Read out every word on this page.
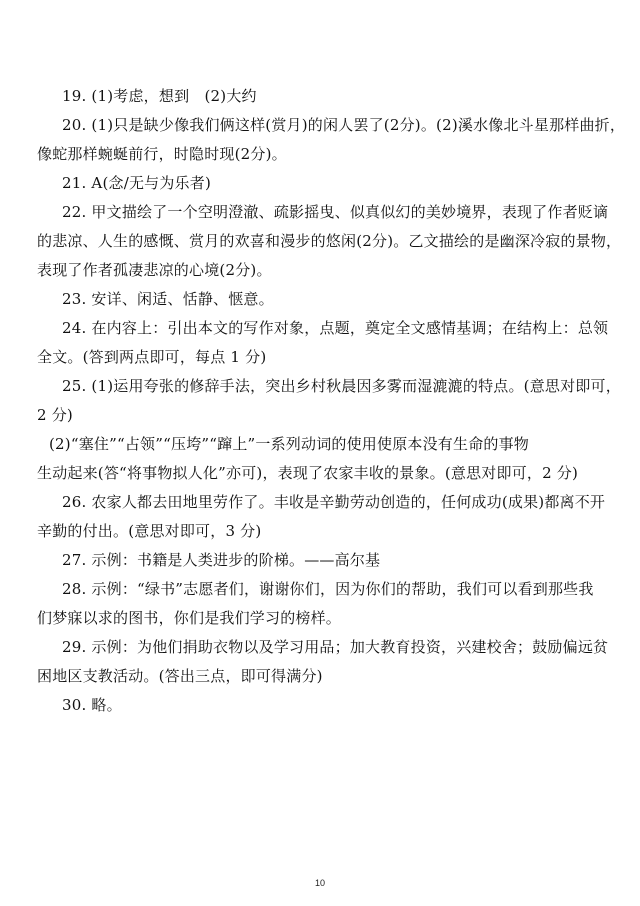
19. (1)考虑，想到　(2)大约
20. (1)只是缺少像我们俩这样(赏月)的闲人罢了(2分)。(2)溪水像北斗星那样曲折，
像蛇那样蜿蜒前行，时隐时现(2分)。
21. A(念/无与为乐者)
22. 甲文描绘了一个空明澄澈、疏影摇曳、似真似幻的美妙境界，表现了作者贬谪
的悲凉、人生的感慨、赏月的欢喜和漫步的悠闲(2分)。乙文描绘的是幽深冷寂的景物，
表现了作者孤凄悲凉的心境(2分)。
23. 安详、闲适、恬静、惬意。
24. 在内容上：引出本文的写作对象，点题，奠定全文感情基调；在结构上：总领
全文。(答到两点即可，每点 1 分)
25. (1)运用夸张的修辞手法，突出乡村秋晨因多雾而湿漉漉的特点。(意思对即可，
2 分)
(2)“塞住”“占领”“压垮”“蹿上”一系列动词的使用使原本没有生命的事物
生动起来(答“将事物拟人化”亦可)，表现了农家丰收的景象。(意思对即可，2 分)
26. 农家人都去田地里劳作了。丰收是辛勤劳动创造的，任何成功(成果)都离不开
辛勤的付出。(意思对即可，3 分)
27. 示例：书籍是人类进步的阶梯。——高尔基
28. 示例：“绿书”志愿者们，谢谢你们，因为你们的帮助，我们可以看到那些我
们梦寐以求的图书，你们是我们学习的榜样。
29. 示例：为他们捐助衣物以及学习用品；加大教育投资，兴建校舍；鼓励偏远贫
困地区支教活动。(答出三点，即可得满分)
30. 略。
10
